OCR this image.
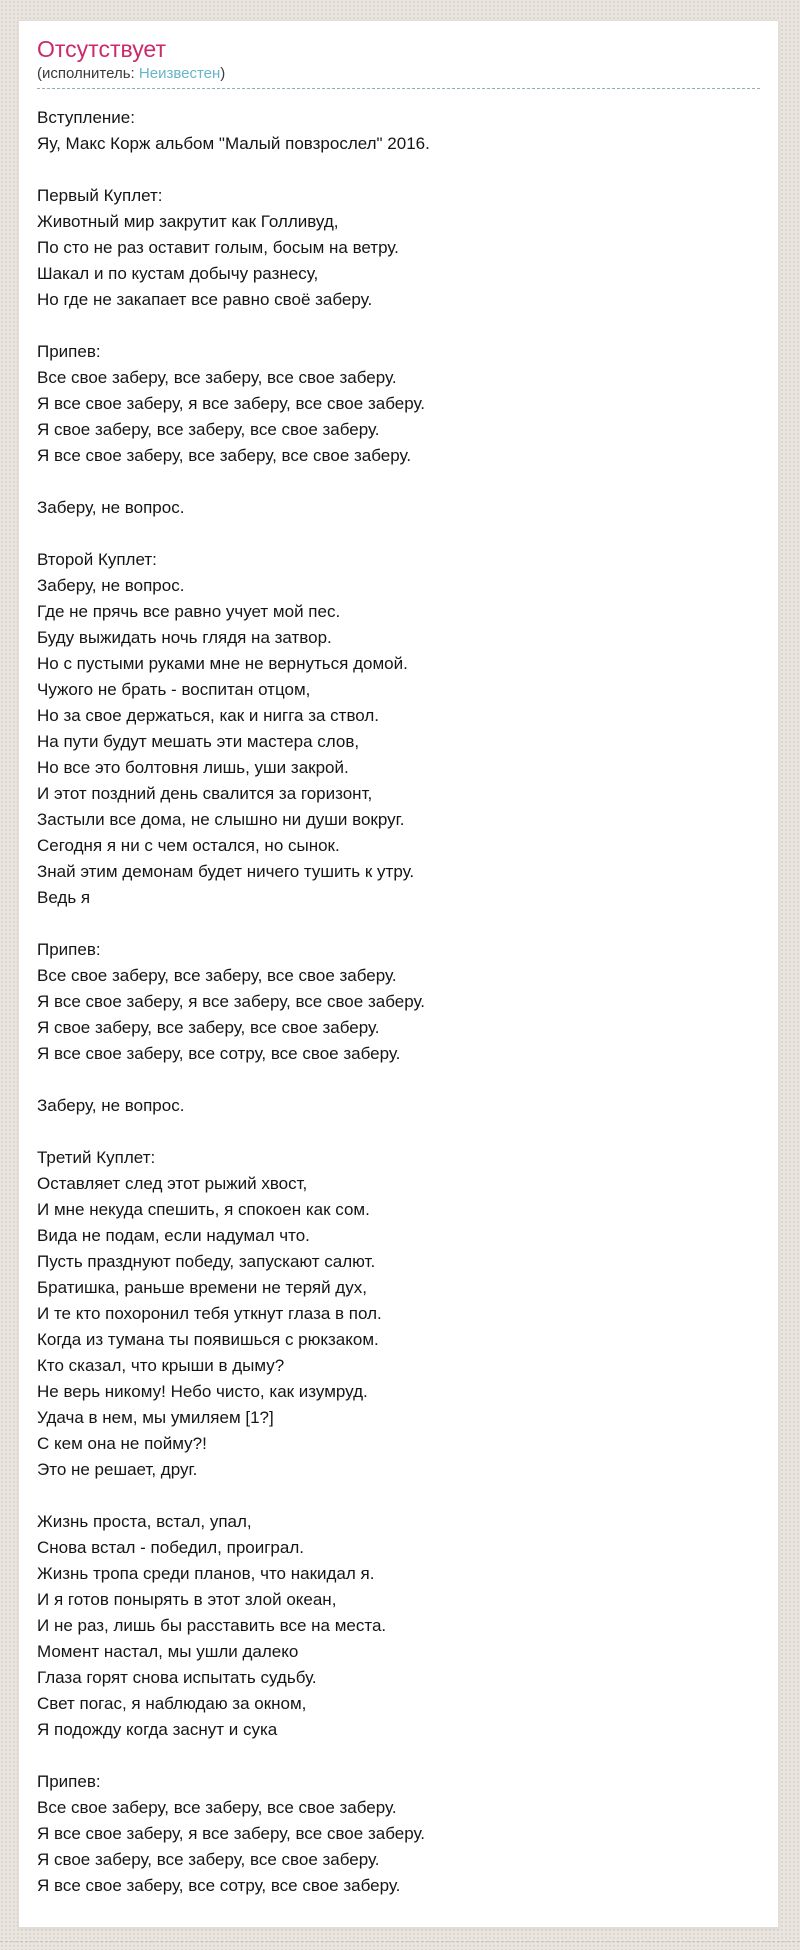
Отсутствует
(исполнитель: Неизвестен)
Вступление:
Яу, Макс Корж альбом "Малый повзрослел" 2016.
Первый Куплет:
Животный мир закрутит как Голливуд,
По сто не раз оставит голым, босым на ветру.
Шакал и по кустам добычу разнесу,
Но где не закапает все равно своё заберу.
Припев:
Все свое заберу, все заберу, все свое заберу.
Я все свое заберу, я все заберу, все свое заберу.
Я свое заберу, все заберу, все свое заберу.
Я все свое заберу, все заберу, все свое заберу.
Заберу, не вопрос.
Второй Куплет:
Заберу, не вопрос.
Где не прячь все равно учует мой пес.
Буду выжидать ночь глядя на затвор.
Но с пустыми руками мне не вернуться домой.
Чужого не брать - воспитан отцом,
Но за свое держаться, как и нигга за ствол.
На пути будут мешать эти мастера слов,
Но все это болтовня лишь, уши закрой.
И этот поздний день свалится за горизонт,
Застыли все дома, не слышно ни души вокруг.
Сегодня я ни с чем остался, но сынок.
Знай этим демонам будет ничего тушить к утру.
Ведь я
Припев:
Все свое заберу, все заберу, все свое заберу.
Я все свое заберу, я все заберу, все свое заберу.
Я свое заберу, все заберу, все свое заберу.
Я все свое заберу, все сотру, все свое заберу.
Заберу, не вопрос.
Третий Куплет:
Оставляет след этот рыжий хвост,
И мне некуда спешить, я спокоен как сом.
Вида не подам, если надумал что.
Пусть празднуют победу, запускают салют.
Братишка, раньше времени не теряй дух,
И те кто похоронил тебя уткнут глаза в пол.
Когда из тумана ты появишься с рюкзаком.
Кто сказал, что крыши в дыму?
Не верь никому! Небо чисто, как изумруд.
Удача в нем, мы умиляем [1?]
С кем она не пойму?!
Это не решает, друг.
Жизнь проста, встал, упал,
Снова встал - победил, проиграл.
Жизнь тропа среди планов, что накидал я.
И я готов понырять в этот злой океан,
И не раз, лишь бы расставить все на места.
Момент настал, мы ушли далеко
Глаза горят снова испытать судьбу.
Свет погас, я наблюдаю за окном,
Я подожду когда заснут и сука
Припев:
Все свое заберу, все заберу, все свое заберу.
Я все свое заберу, я все заберу, все свое заберу.
Я свое заберу, все заберу, все свое заберу.
Я все свое заберу, все сотру, все свое заберу.
